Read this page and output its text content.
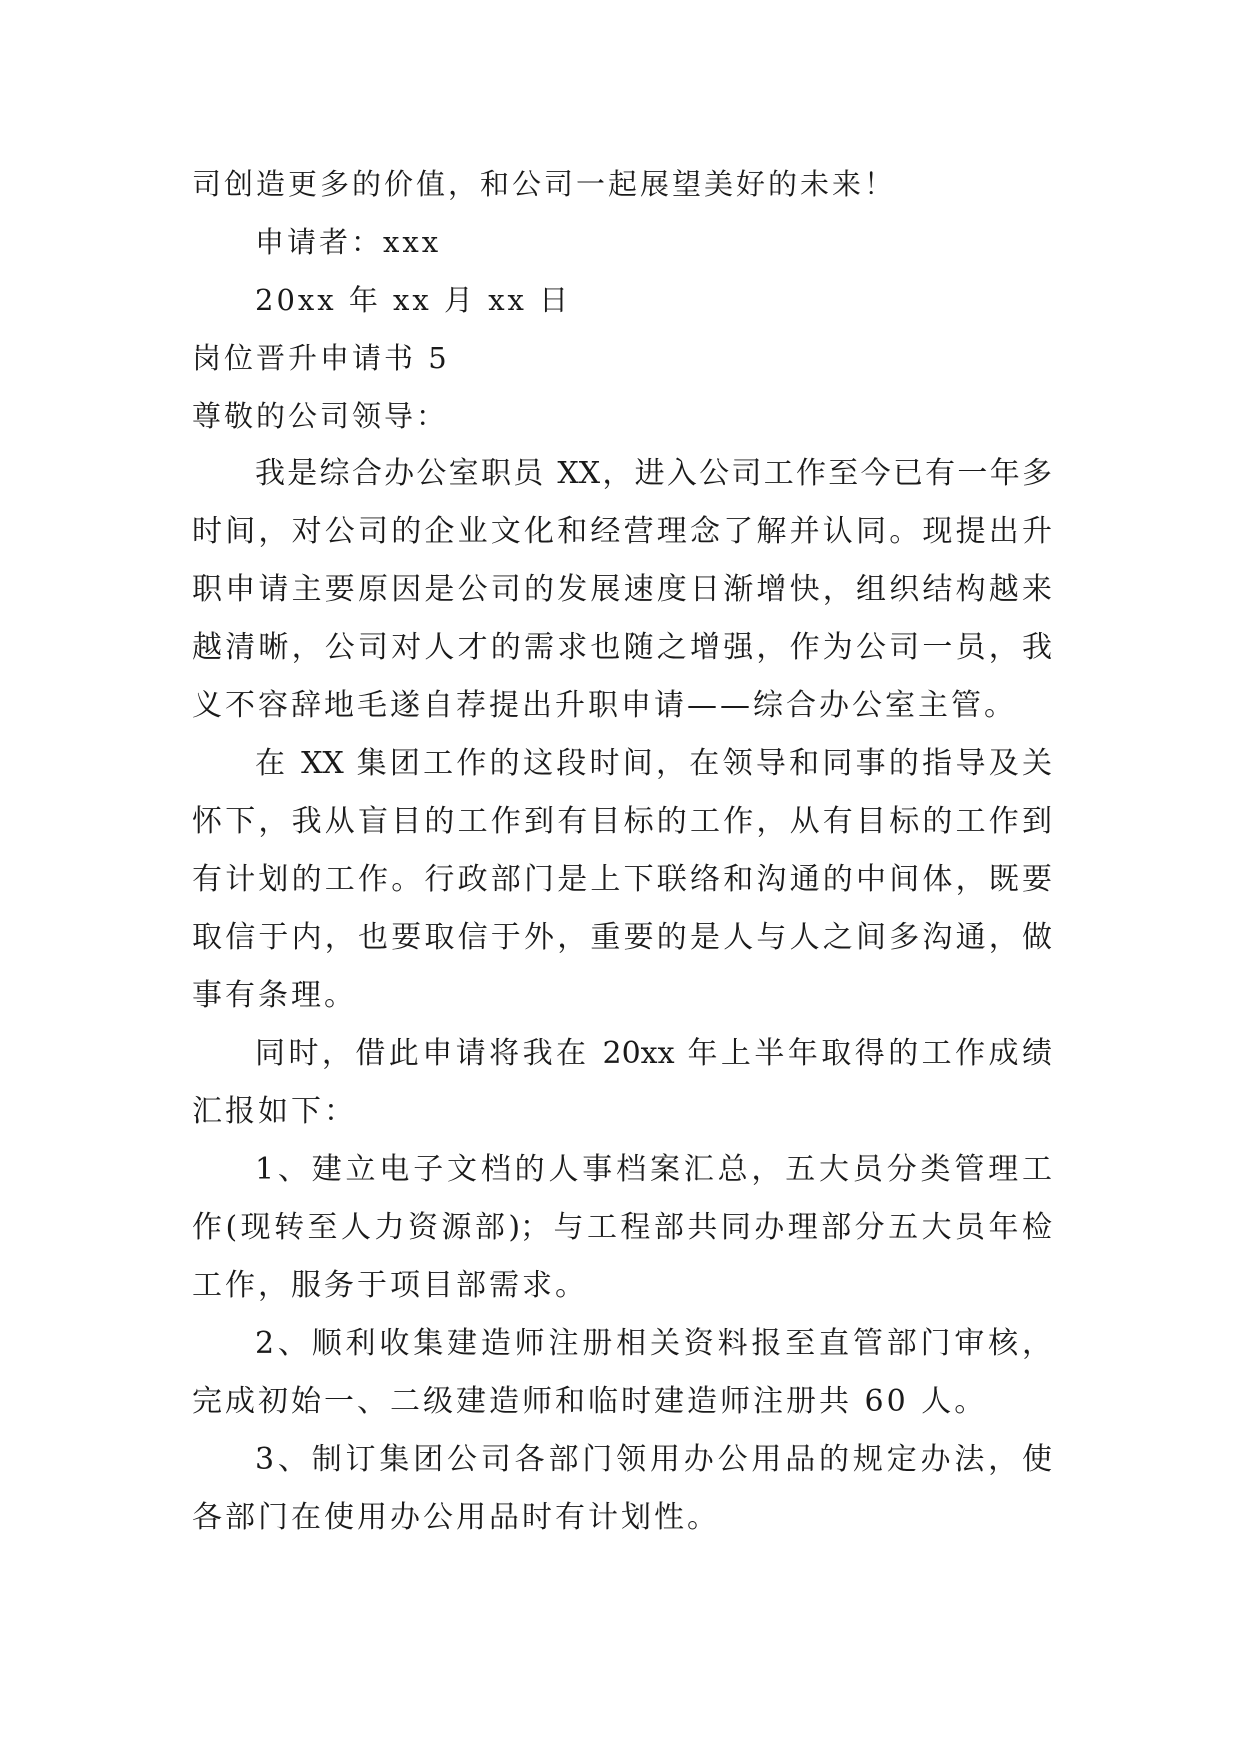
司创造更多的价值，和公司一起展望美好的未来！
申请者：xxx
20xx 年 xx 月 xx 日
岗位晋升申请书 5
尊敬的公司领导：
我是综合办公室职员 XX，进入公司工作至今已有一年多
时间，对公司的企业文化和经营理念了解并认同。现提出升
职申请主要原因是公司的发展速度日渐增快，组织结构越来
越清晰，公司对人才的需求也随之增强，作为公司一员，我
义不容辞地毛遂自荐提出升职申请——综合办公室主管。
在 XX 集团工作的这段时间，在领导和同事的指导及关
怀下，我从盲目的工作到有目标的工作，从有目标的工作到
有计划的工作。行政部门是上下联络和沟通的中间体，既要
取信于内，也要取信于外，重要的是人与人之间多沟通，做
事有条理。
同时，借此申请将我在 20xx 年上半年取得的工作成绩
汇报如下：
1、建立电子文档的人事档案汇总，五大员分类管理工
作(现转至人力资源部)；与工程部共同办理部分五大员年检
工作，服务于项目部需求。
2、顺利收集建造师注册相关资料报至直管部门审核，
完成初始一、二级建造师和临时建造师注册共 60 人。
3、制订集团公司各部门领用办公用品的规定办法，使
各部门在使用办公用品时有计划性。
